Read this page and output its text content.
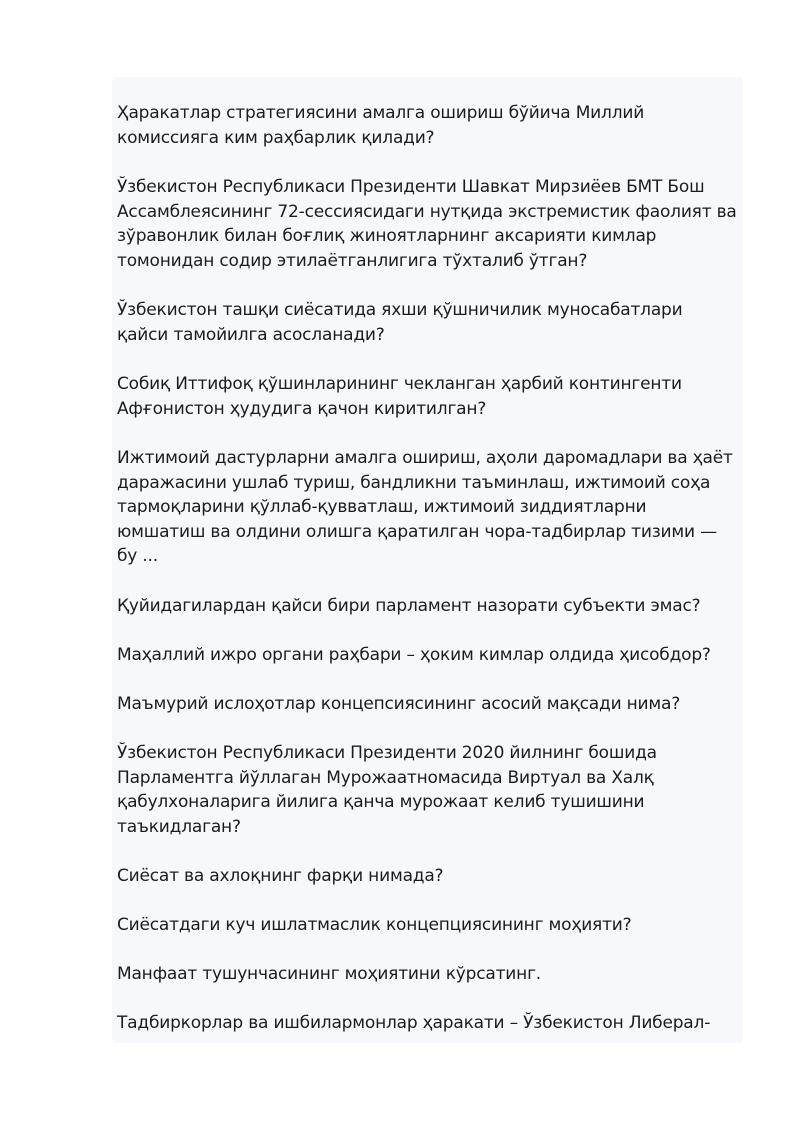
Ҳаракатлар стратегиясини амалга ошириш бўйича Миллий
комиссияга ким раҳбарлик қилади?

Ўзбекистон Республикаси Президенти Шавкат Мирзиёев БМТ Бош
Ассамблеясининг 72-сессиясидаги нутқида экстремистик фаолият ва
зўравонлик билан боғлиқ жиноятларнинг аксарияти кимлар
томонидан содир этилаётганлигига тўхталиб ўтган?

Ўзбекистон ташқи сиёсатида яхши қўшничилик муносабатлари
қайси тамойилга асосланади?

Собиқ Иттифоқ қўшинларининг чекланган ҳарбий контингенти
Афғонистон ҳудудига қачон киритилган?

Ижтимоий дастурларни амалга ошириш, аҳоли даромадлари ва ҳаёт
даражасини ушлаб туриш, бандликни таъминлаш, ижтимоий соҳа
тармоқларини қўллаб-қувватлаш, ижтимоий зиддиятларни
юмшатиш ва олдини олишга қаратилган чора-тадбирлар тизими —
бу ...

Қуйидагилардан қайси бири парламент назорати субъекти эмас?

Маҳаллий ижро органи раҳбари – ҳоким кимлар олдида ҳисобдор?

Маъмурий ислоҳотлар концепсиясининг асосий мақсади нима?

Ўзбекистон Республикаси Президенти 2020 йилнинг бошида
Парламентга йўллаган Мурожаатномасида Виртуал ва Халқ
қабулхоналарига йилига қанча мурожаат келиб тушишини
таъкидлаган?

Сиёсат ва ахлоқнинг фарқи нимада?

Сиёсатдаги куч ишлатмаслик концепциясининг моҳияти?

Манфаат тушунчасининг моҳиятини кўрсатинг.

Тадбиркорлар ва ишбилармонлар ҳаракати – Ўзбекистон Либерал-
